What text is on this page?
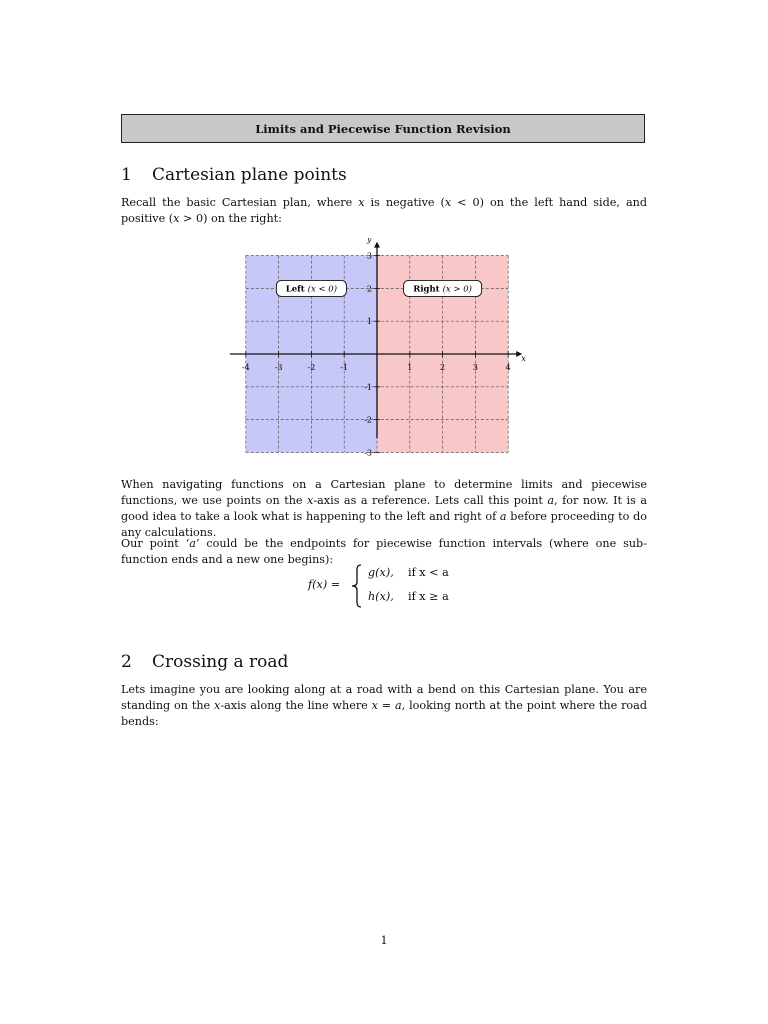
Limits and Piecewise Function Revision
1 Cartesian plane points

Recall the basic Cartesian plan, where x is negative (x < 0) on the left hand side, and positive (x > 0) on the right:

-4	-3	-2	-1	1	2	3	4
3
2
1
-1
-2
-3
x
y
Left (x < 0)	Right (x > 0)

When navigating functions on a Cartesian plane to determine limits and piecewise functions, we use points on the x-axis as a reference. Lets call this point a, for now. It is a good idea to take a look what is happening to the left and right of a before proceeding to do any calculations.

Our point ‘a’ could be the endpoints for piecewise function intervals (where one sub-function ends and a new one begins):

f(x) =
g(x), if x < a
h(x), if x ≥ a
2 Crossing a road

Lets imagine you are looking along at a road with a bend on this Cartesian plane. You are standing on the x-axis along the line where x = a, looking north at the point where the road bends:

1
